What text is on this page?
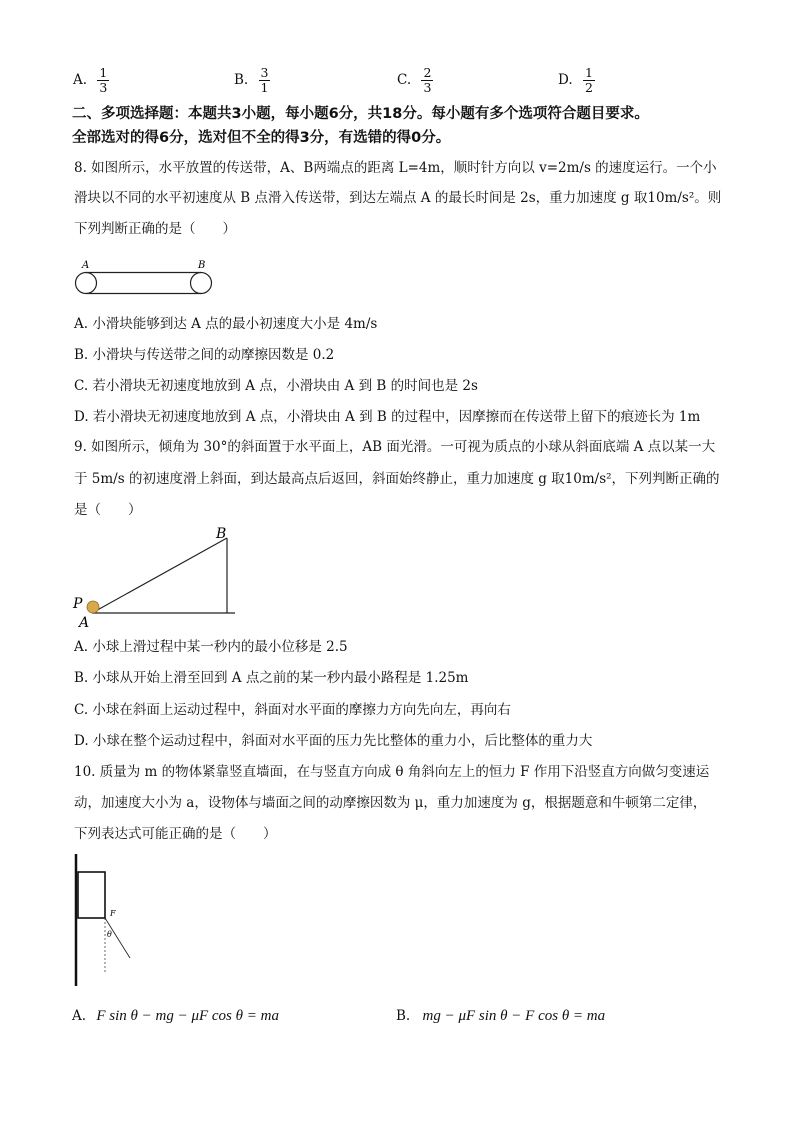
A. $\frac{1}{3}$	B. $\frac{3}{1}$	C. $\frac{2}{3}$	D. $\frac{1}{2}$
二、多项选择题：本题共3小题，每小题6分，共18分。每小题有多个选项符合题目要求。
全部选对的得6分，选对但不全的得3分，有选错的得0分。
8. 如图所示，水平放置的传送带，A、B两端点的距离 L=4m，顺时针方向以 v=2m/s 的速度运行。一个小
滑块以不同的水平初速度从 B 点滑入传送带，到达左端点 A 的最长时间是 2s，重力加速度 g 取10m/s²。则
下列判断正确的是（　　）
A	B
A. 小滑块能够到达 A 点的最小初速度大小是 4m/s
B. 小滑块与传送带之间的动摩擦因数是 0.2
C. 若小滑块无初速度地放到 A 点，小滑块由 A 到 B 的时间也是 2s
D. 若小滑块无初速度地放到 A 点，小滑块由 A 到 B 的过程中，因摩擦而在传送带上留下的痕迹长为 1m
9. 如图所示，倾角为 30°的斜面置于水平面上，AB 面光滑。一可视为质点的小球从斜面底端 A 点以某一大
于 5m/s 的初速度滑上斜面，到达最高点后返回，斜面始终静止，重力加速度 g 取10m/s²，下列判断正确的
是（　　）
B
P
A
A. 小球上滑过程中某一秒内的最小位移是 2.5
B. 小球从开始上滑至回到 A 点之前的某一秒内最小路程是 1.25m
C. 小球在斜面上运动过程中，斜面对水平面的摩擦力方向先向左，再向右
D. 小球在整个运动过程中，斜面对水平面的压力先比整体的重力小，后比整体的重力大
10. 质量为 m 的物体紧靠竖直墙面，在与竖直方向成 θ 角斜向左上的恒力 F 作用下沿竖直方向做匀变速运
动，加速度大小为 a，设物体与墙面之间的动摩擦因数为 μ，重力加速度为 g，根据题意和牛顿第二定律，
下列表达式可能正确的是（　　）
F
θ
A. F sin θ − mg − μF cos θ = ma	B. mg − μF sin θ − F cos θ = ma
